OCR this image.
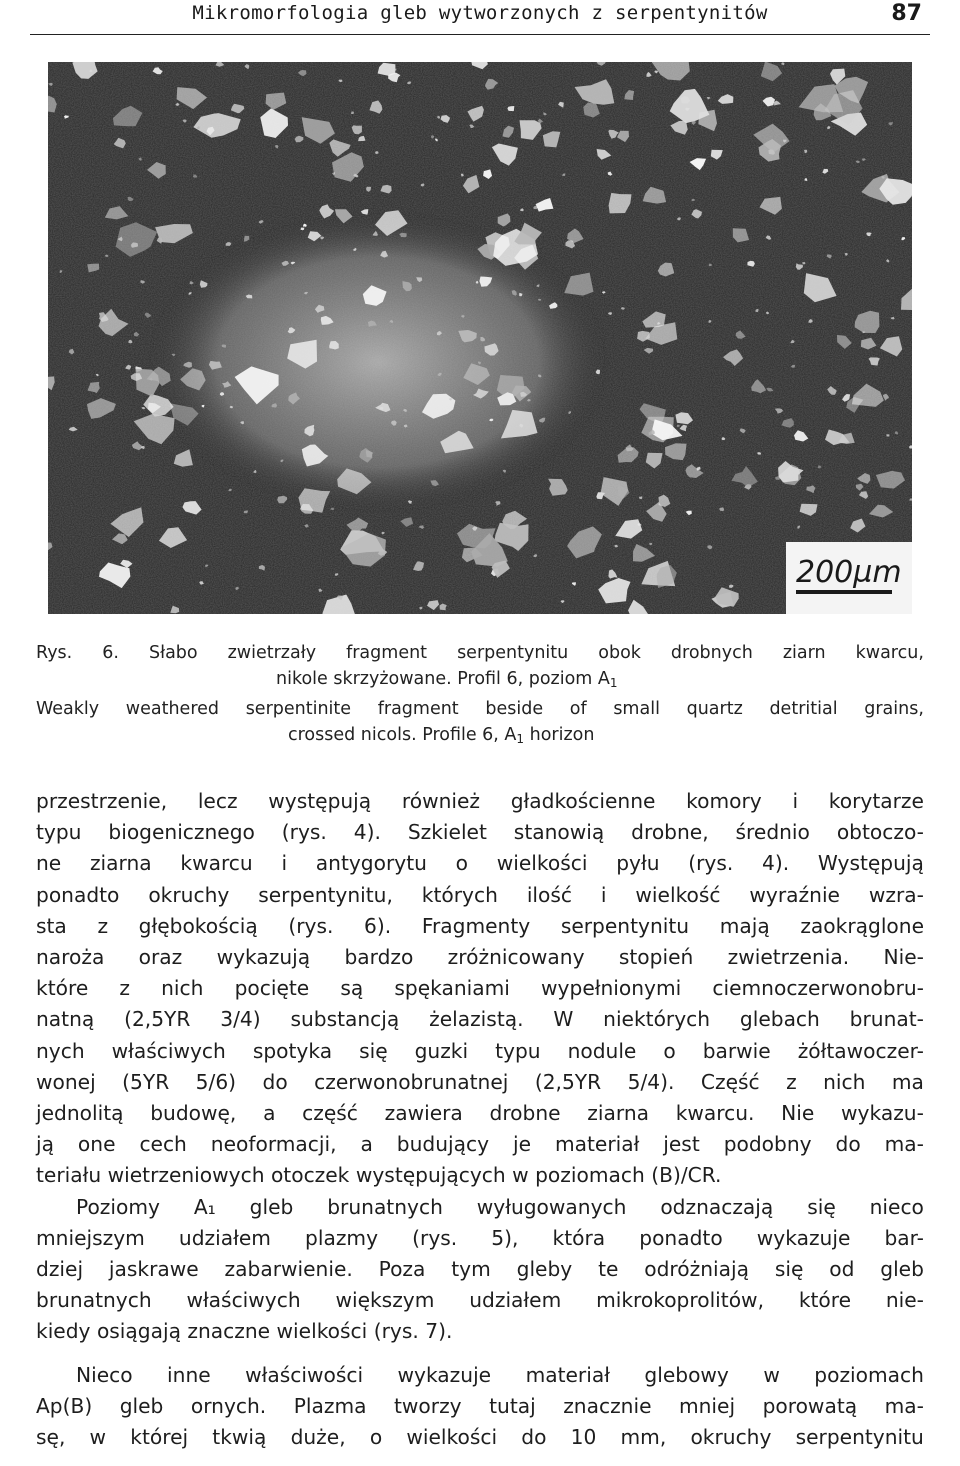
Mikromorfologia gleb wytworzonych z serpentynitów	87
200µm
Rys. 6. Słabo zwietrzały fragment serpentynitu obok drobnych ziarn kwarcu,
nikole skrzyżowane. Profil 6, poziom $A_1$
Weakly weathered serpentinite fragment beside of small quartz detritial grains,
crossed nicols. Profile 6, $A_1$ horizon
przestrzenie, lecz występują również gładkościenne komory i korytarze
typu biogenicznego (rys. 4). Szkielet stanowią drobne, średnio obtoczo-
ne ziarna kwarcu i antygorytu o wielkości pyłu (rys. 4). Występują
ponadto okruchy serpentynitu, których ilość i wielkość wyraźnie wzra-
sta z głębokością (rys. 6). Fragmenty serpentynitu mają zaokrąglone
naroża oraz wykazują bardzo zróżnicowany stopień zwietrzenia. Nie-
które z nich pocięte są spękaniami wypełnionymi ciemnoczerwonobru-
natną (2,5YR 3/4) substancją żelazistą. W niektórych glebach brunat-
nych właściwych spotyka się guzki typu nodule o barwie żółtawoczer-
wonej (5YR 5/6) do czerwonobrunatnej (2,5YR 5/4). Część z nich ma
jednolitą budowę, a część zawiera drobne ziarna kwarcu. Nie wykazu-
ją one cech neoformacji, a budujący je materiał jest podobny do ma-
teriału wietrzeniowych otoczek występujących w poziomach (B)/CR.
Poziomy A₁ gleb brunatnych wyługowanych odznaczają się nieco
mniejszym udziałem plazmy (rys. 5), która ponadto wykazuje bar-
dziej jaskrawe zabarwienie. Poza tym gleby te odróżniają się od gleb
brunatnych właściwych większym udziałem mikrokoprolitów, które nie-
kiedy osiągają znaczne wielkości (rys. 7).
Nieco inne właściwości wykazuje materiał glebowy w poziomach
Ap(B) gleb ornych. Plazma tworzy tutaj znacznie mniej porowatą ma-
sę, w której tkwią duże, o wielkości do 10 mm, okruchy serpentynitu
